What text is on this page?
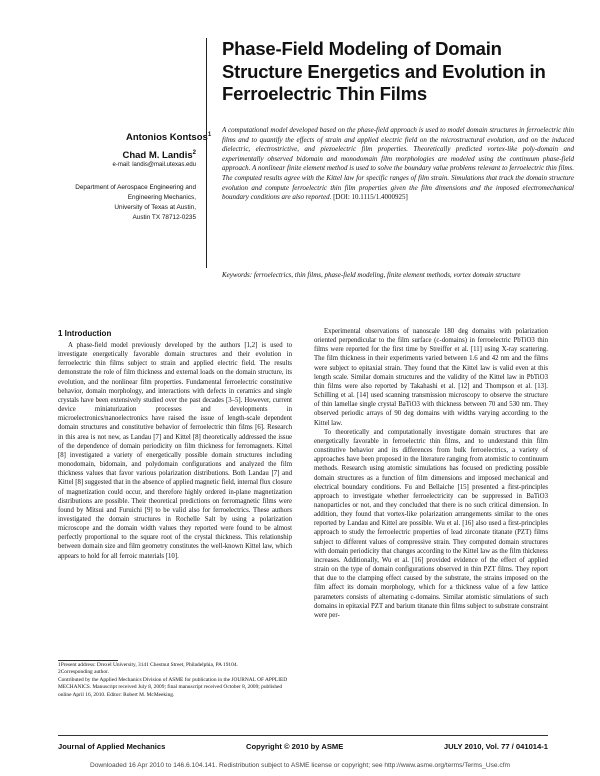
Antonios Kontsos$^1$
Chad M. Landis$^2$
e-mail: landis@mail.utexas.edu
Department of Aerospace Engineering and
Engineering Mechanics,
University of Texas at Austin,
Austin TX 78712-0235
Phase-Field Modeling of Domain Structure Energetics and Evolution in Ferroelectric Thin Films
A computational model developed based on the phase-field approach is used to model domain structures in ferroelectric thin films and to quantify the effects of strain and applied electric field on the microstructural evolution, and on the induced dielectric, electrostrictive, and piezoelectric film properties. Theoretically predicted vortex-like poly-domain and experimentally observed bidomain and monodomain film morphologies are modeled using the continuum phase-field approach. A nonlinear finite element method is used to solve the boundary value problems relevant to ferroelectric thin films. The computed results agree with the Kittel law for specific ranges of film strain. Simulations that track the domain structure evolution and compute ferroelectric thin film properties given the film dimensions and the imposed electromechanical boundary conditions are also reported. [DOI: 10.1115/1.4000925]
Keywords: ferroelectrics, thin films, phase-field modeling, finite element methods, vortex domain structure
1 Introduction

A phase-field model previously developed by the authors [1,2] is used to investigate energetically favorable domain structures and their evolution in ferroelectric thin films subject to strain and applied electric field. The results demonstrate the role of film thickness and external loads on the domain structure, its evolution, and the nonlinear film properties. Fundamental ferroelectric constitutive behavior, domain morphology, and interactions with defects in ceramics and single crystals have been extensively studied over the past decades [3–5]. However, current device miniaturization processes and developments in microelectronics/nanoelectronics have raised the issue of length-scale dependent domain structures and constitutive behavior of ferroelectric thin films [6]. Research in this area is not new, as Landau [7] and Kittel [8] theoretically addressed the issue of the dependence of domain periodicity on film thickness for ferromagnets. Kittel [8] investigated a variety of energetically possible domain structures including monodomain, bidomain, and polydomain configurations and analyzed the film thickness values that favor various polarization distributions. Both Landau [7] and Kittel [8] suggested that in the absence of applied magnetic field, internal flux closure of magnetization could occur, and therefore highly ordered in-plane magnetization distributions are possible. Their theoretical predictions on ferromagnetic films were found by Mitsui and Furuichi [9] to be valid also for ferroelectrics. These authors investigated the domain structures in Rochelle Salt by using a polarization microscope and the domain width values they reported were found to be almost perfectly proportional to the square root of the crystal thickness. This relationship between domain size and film geometry constitutes the well-known Kittel law, which appears to hold for all ferroic materials [10].

Experimental observations of nanoscale 180 deg domains with polarization oriented perpendicular to the film surface (c-domains) in ferroelectric PbTiO3 thin films were reported for the first time by Streiffer et al. [11] using X-ray scattering. The film thickness in their experiments varied between 1.6 and 42 nm and the films were subject to epitaxial strain. They found that the Kittel law is valid even at this length scale. Similar domain structures and the validity of the Kittel law in PbTiO3 thin films were also reported by Takahashi et al. [12] and Thompson et al. [13]. Schilling et al. [14] used scanning transmission microscopy to observe the structure of thin lamellae single crystal BaTiO3 with thickness between 70 and 530 nm. They observed periodic arrays of 90 deg domains with widths varying according to the Kittel law.

To theoretically and computationally investigate domain structures that are energetically favorable in ferroelectric thin films, and to understand thin film constitutive behavior and its differences from bulk ferroelectrics, a variety of approaches have been proposed in the literature ranging from atomistic to continuum methods. Research using atomistic simulations has focused on predicting possible domain structures as a function of film dimensions and imposed mechanical and electrical boundary conditions. Fu and Bellaiche [15] presented a first-principles approach to investigate whether ferroelectricity can be suppressed in BaTiO3 nanoparticles or not, and they concluded that there is no such critical dimension. In addition, they found that vortex-like polarization arrangements similar to the ones reported by Landau and Kittel are possible. Wu et al. [16] also used a first-principles approach to study the ferroelectric properties of lead zirconate titanate (PZT) films subject to different values of compressive strain. They computed domain structures with domain periodicity that changes according to the Kittel law as the film thickness increases. Additionally, Wu et al. [16] provided evidence of the effect of applied strain on the type of domain configurations observed in thin PZT films. They report that due to the clamping effect caused by the substrate, the strains imposed on the film affect its domain morphology, which for a thickness value of a few lattice parameters consists of alternating c-domains. Similar atomistic simulations of such domains in epitaxial PZT and barium titanate thin films subject to substrate constraint were per-

1Present address: Drexel University, 3141 Chestnut Street, Philadelphia, PA 19104.

2Corresponding author.

Contributed by the Applied Mechanics Division of ASME for publication in the JOURNAL OF APPLIED MECHANICS. Manuscript received July 8, 2009; final manuscript received October 8, 2009; published online April 16, 2010. Editor: Robert M. McMeeking.

Journal of Applied Mechanics	Copyright © 2010 by ASME	JULY 2010, Vol. 77 / 041014-1
Downloaded 16 Apr 2010 to 146.6.104.141. Redistribution subject to ASME license or copyright; see http://www.asme.org/terms/Terms_Use.cfm
